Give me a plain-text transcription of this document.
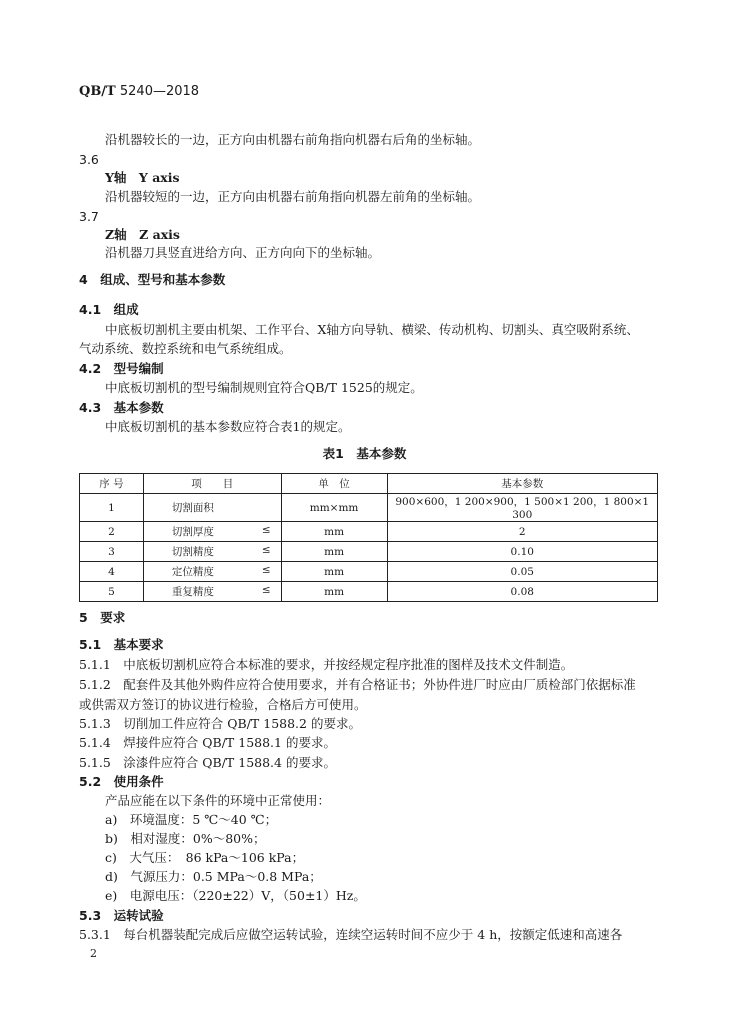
QB/T 5240—2018
沿机器较长的一边，正方向由机器右前角指向机器右后角的坐标轴。
3.6
Y轴　Y axis
沿机器较短的一边，正方向由机器右前角指向机器左前角的坐标轴。
3.7
Z轴　Z axis
沿机器刀具竖直进给方向、正方向向下的坐标轴。
4　组成、型号和基本参数
4.1　组成
中底板切割机主要由机架、工作平台、X轴方向导轨、横梁、传动机构、切割头、真空吸附系统、
气动系统、数控系统和电气系统组成。
4.2　型号编制
中底板切割机的型号编制规则宜符合QB/T 1525的规定。
4.3　基本参数
中底板切割机的基本参数应符合表1的规定。
表1　基本参数
序 号	项　　目	单　位	基本参数
1	切割面积	mm×mm	900×600，1 200×900，1 500×1 200，1 800×1 300
2	切割厚度 ≤	mm	2
3	切割精度 ≤	mm	0.10
4	定位精度 ≤	mm	0.05
5	重复精度 ≤	mm	0.08
5　要求
5.1　基本要求
5.1.1　中底板切割机应符合本标准的要求，并按经规定程序批准的图样及技术文件制造。
5.1.2　配套件及其他外购件应符合使用要求，并有合格证书；外协件进厂时应由厂质检部门依据标准
或供需双方签订的协议进行检验，合格后方可使用。
5.1.3　切削加工件应符合 QB/T 1588.2 的要求。
5.1.4　焊接件应符合 QB/T 1588.1 的要求。
5.1.5　涂漆件应符合 QB/T 1588.4 的要求。
5.2　使用条件
产品应能在以下条件的环境中正常使用：
a)　环境温度：5 ℃～40 ℃；
b)　相对湿度：0%～80%；
c)　大气压：　86 kPa～106 kPa；
d)　气源压力：0.5 MPa～0.8 MPa；
e)　电源电压：（220±22）V，（50±1）Hz。
5.3　运转试验
5.3.1　每台机器装配完成后应做空运转试验，连续空运转时间不应少于 4 h，按额定低速和高速各
2
